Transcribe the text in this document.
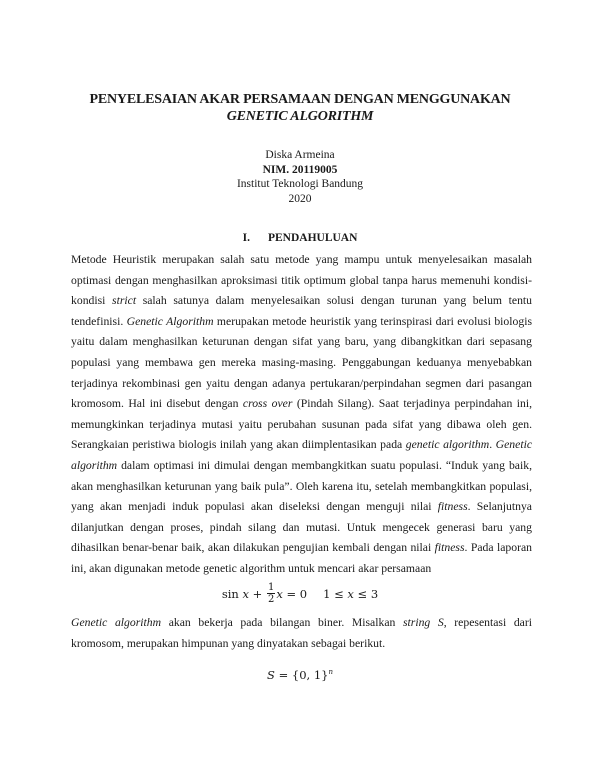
PENYELESAIAN AKAR PERSAMAAN DENGAN MENGGUNAKAN
GENETIC ALGORITHM
Diska Armeina
NIM. 20119005
Institut Teknologi Bandung
2020
I. PENDAHULUAN
Metode Heuristik merupakan salah satu metode yang mampu untuk menyelesaikan masalah
optimasi dengan menghasilkan aproksimasi titik optimum global tanpa harus memenuhi kondisi-
kondisi strict salah satunya dalam menyelesaikan solusi dengan turunan yang belum tentu
tendefinisi. Genetic Algorithm merupakan metode heuristik yang terinspirasi dari evolusi biologis
yaitu dalam menghasilkan keturunan dengan sifat yang baru, yang dibangkitkan dari sepasang
populasi yang membawa gen mereka masing-masing. Penggabungan keduanya menyebabkan
terjadinya rekombinasi gen yaitu dengan adanya pertukaran/perpindahan segmen dari pasangan
kromosom. Hal ini disebut dengan cross over (Pindah Silang). Saat terjadinya perpindahan ini,
memungkinkan terjadinya mutasi yaitu perubahan susunan pada sifat yang dibawa oleh gen.
Serangkaian peristiwa biologis inilah yang akan diimplentasikan pada genetic algorithm. Genetic
algorithm dalam optimasi ini dimulai dengan membangkitkan suatu populasi. “Induk yang baik,
akan menghasilkan keturunan yang baik pula”. Oleh karena itu, setelah membangkitkan populasi,
yang akan menjadi induk populasi akan diseleksi dengan menguji nilai fitness. Selanjutnya
dilanjutkan dengan proses, pindah silang dan mutasi. Untuk mengecek generasi baru yang
dihasilkan benar-benar baik, akan dilakukan pengujian kembali dengan nilai fitness. Pada laporan
ini, akan digunakan metode genetic algorithm untuk mencari akar persamaan
sin
x
+
$\frac{1}{2}$ x
=
0 1
≤
x
≤
3
Genetic algorithm akan bekerja pada bilangan biner. Misalkan string S, repesentasi dari
kromosom, merupakan himpunan yang dinyatakan sebagai berikut.
S = {0, 1}$^n$
